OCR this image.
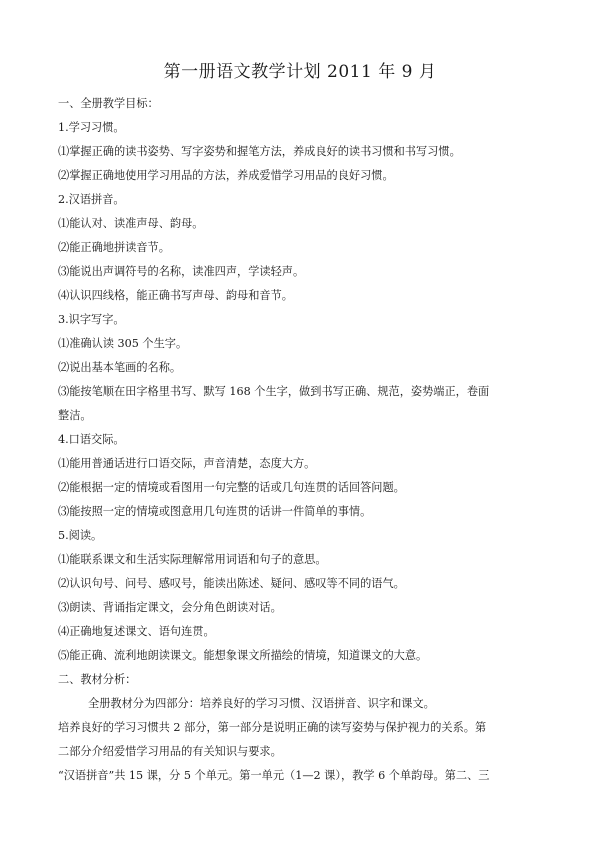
第一册语文教学计划 2011 年 9 月
一、全册教学目标：
1.学习习惯。
⑴掌握正确的读书姿势、写字姿势和握笔方法，养成良好的读书习惯和书写习惯。
⑵掌握正确地使用学习用品的方法，养成爱惜学习用品的良好习惯。
2.汉语拼音。
⑴能认对、读准声母、韵母。
⑵能正确地拼读音节。
⑶能说出声调符号的名称，读准四声，学读轻声。
⑷认识四线格，能正确书写声母、韵母和音节。
3.识字写字。
⑴准确认读 305 个生字。
⑵说出基本笔画的名称。
⑶能按笔顺在田字格里书写、默写 168 个生字，做到书写正确、规范，姿势端正，卷面
整洁。
4.口语交际。
⑴能用普通话进行口语交际，声音清楚，态度大方。
⑵能根据一定的情境或看图用一句完整的话或几句连贯的话回答问题。
⑶能按照一定的情境或图意用几句连贯的话讲一件简单的事情。
5.阅读。
⑴能联系课文和生活实际理解常用词语和句子的意思。
⑵认识句号、问号、感叹号，能读出陈述、疑问、感叹等不同的语气。
⑶朗读、背诵指定课文，会分角色朗读对话。
⑷正确地复述课文、语句连贯。
⑸能正确、流利地朗读课文。能想象课文所描绘的情境，知道课文的大意。
二、教材分析：
全册教材分为四部分：培养良好的学习习惯、汉语拼音、识字和课文。
培养良好的学习习惯共 2 部分，第一部分是说明正确的读写姿势与保护视力的关系。第
二部分介绍爱惜学习用品的有关知识与要求。
“汉语拼音”共 15 课，分 5 个单元。第一单元（1—2 课），教学 6 个单韵母。第二、三
